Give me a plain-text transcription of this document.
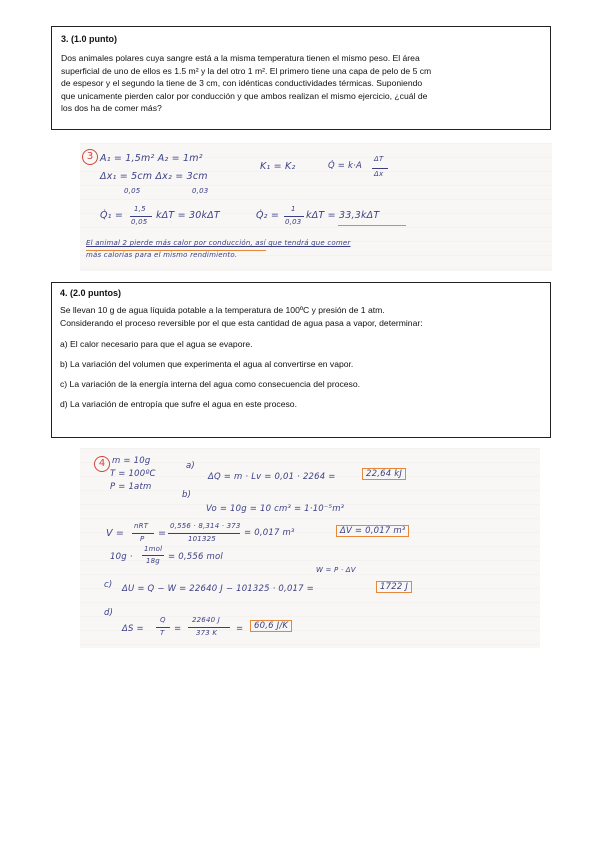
3. (1.0 punto)

Dos animales polares cuya sangre está a la misma temperatura tienen el mismo peso. El área

superficial de uno de ellos es 1.5 m² y la del otro 1 m². El primero tiene una capa de pelo de 5 cm

de espesor y el segundo la tiene de 3 cm, con idénticas conductividades térmicas. Suponiendo

que unicamente pierden calor por conducción y que ambos realizan el mismo ejercicio, ¿cuál de

los dos ha de comer más?

3 A₁ = 1,5m² A₂ = 1m²
K₁ = K₂	Q̇ = k·A
ΔT
Δx
Δx₁ = 5cm Δx₂ = 3cm
0,05	0,03
Q̇₁ =
1,5
0,05
kΔT = 30kΔT	Q̇₂ =
1
0,03
kΔT = 33,3kΔT
El animal 2 pierde más calor por conducción, así que tendrá que comer
más calorías para el mismo rendimiento.
4. (2.0 puntos)

Se llevan 10 g de agua líquida potable a la temperatura de 100ºC y presión de 1 atm.

Considerando el proceso reversible por el que esta cantidad de agua pasa a vapor, determinar:

a) El calor necesario para que el agua se evapore.

b) La variación del volumen que experimenta el agua al convertirse en vapor.

c) La variación de la energía interna del agua como consecuencia del proceso.

d) La variación de entropía que sufre el agua en este proceso.

4 m = 10g
T = 100ºC
P = 1atm
a)
ΔQ = m · Lv = 0,01 · 2264 =	22,64 kJ
b)
Vo = 10g = 10 cm³ = 1·10⁻⁵m³
V =
nRT
P =
0,556 · 8,314 · 373
101325
= 0,017 m³	ΔV = 0,017 m³
10g ·
1mol
18g = 0,556 mol
W = P · ΔV
c) ΔU = Q − W = 22640 J − 101325 · 0,017 =	1722 J
d)
ΔS =
Q
T =
22640 J
373 K =	60,6 J/K
